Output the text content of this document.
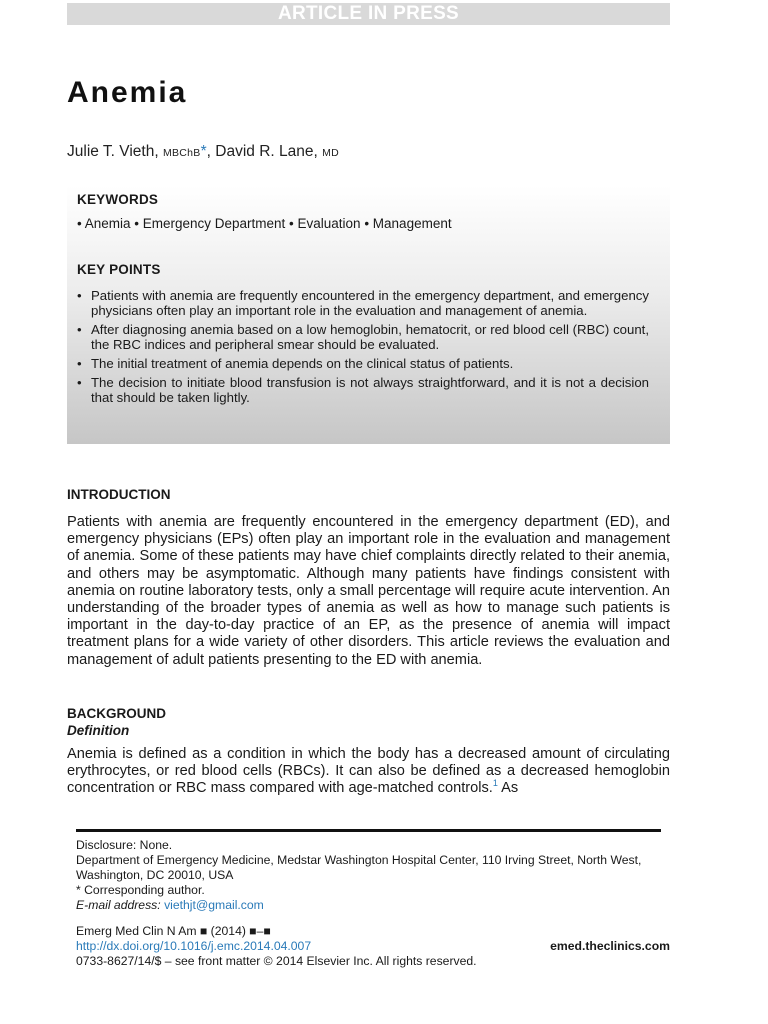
ARTICLE IN PRESS
Anemia
Julie T. Vieth, MBChB*, David R. Lane, MD
KEYWORDS
• Anemia • Emergency Department • Evaluation • Management
KEY POINTS
• Patients with anemia are frequently encountered in the emergency department, and emergency physicians often play an important role in the evaluation and management of anemia.
• After diagnosing anemia based on a low hemoglobin, hematocrit, or red blood cell (RBC) count, the RBC indices and peripheral smear should be evaluated.
• The initial treatment of anemia depends on the clinical status of patients.
• The decision to initiate blood transfusion is not always straightforward, and it is not a decision that should be taken lightly.
INTRODUCTION

Patients with anemia are frequently encountered in the emergency department (ED), and emergency physicians (EPs) often play an important role in the evaluation and management of anemia. Some of these patients may have chief complaints directly related to their anemia, and others may be asymptomatic. Although many patients have findings consistent with anemia on routine laboratory tests, only a small percentage will require acute intervention. An understanding of the broader types of anemia as well as how to manage such patients is important in the day-to-day practice of an EP, as the presence of anemia will impact treatment plans for a wide variety of other disorders. This article reviews the evaluation and management of adult patients presenting to the ED with anemia.

BACKGROUND
Definition

Anemia is defined as a condition in which the body has a decreased amount of circulating erythrocytes, or red blood cells (RBCs). It can also be defined as a decreased hemoglobin concentration or RBC mass compared with age-matched controls.$^1$ As

Disclosure: None.
Department of Emergency Medicine, Medstar Washington Hospital Center, 110 Irving Street, North West, Washington, DC 20010, USA
* Corresponding author.
E-mail address: viethjt@gmail.com
Emerg Med Clin N Am ■ (2014) ■–■
http://dx.doi.org/10.1016/j.emc.2014.04.007
0733-8627/14/$ – see front matter © 2014 Elsevier Inc. All rights reserved.
emed.theclinics.com
